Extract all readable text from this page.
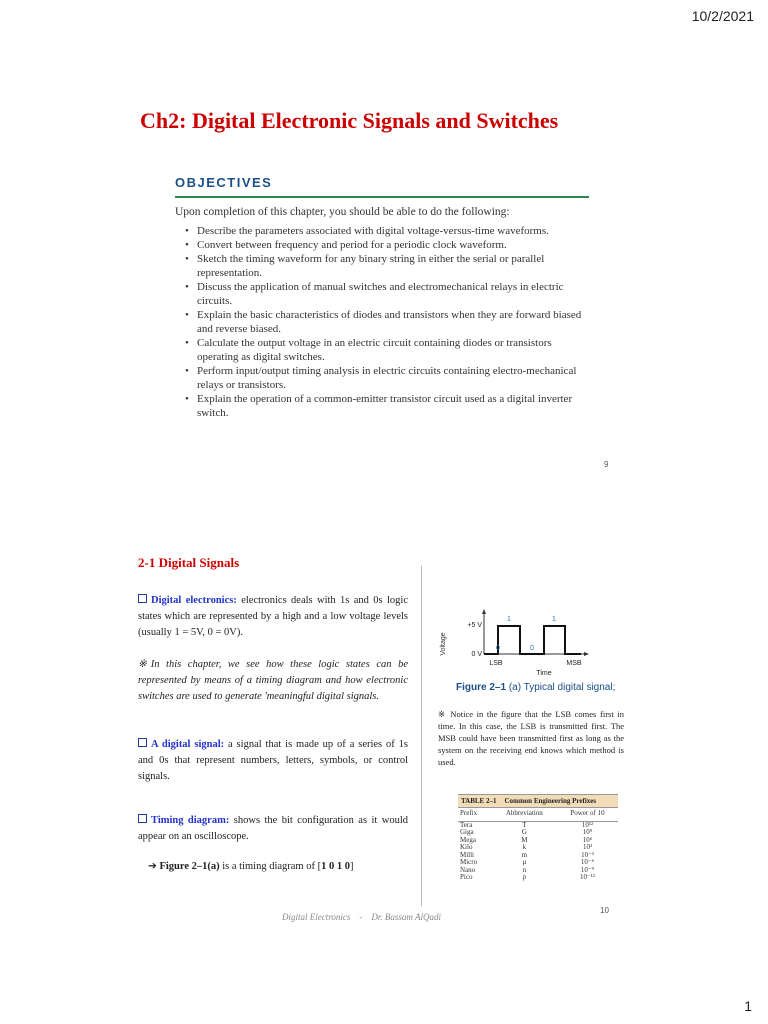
10/2/2021
Ch2: Digital Electronic Signals and Switches
OBJECTIVES
Upon completion of this chapter, you should be able to do the following:
• Describe the parameters associated with digital voltage-versus-time waveforms.
• Convert between frequency and period for a periodic clock waveform.
• Sketch the timing waveform for any binary string in either the serial or parallel representation.
• Discuss the application of manual switches and electromechanical relays in electric circuits.
• Explain the basic characteristics of diodes and transistors when they are forward biased and reverse biased.
• Calculate the output voltage in an electric circuit containing diodes or transistors operating as digital switches.
• Perform input/output timing analysis in electric circuits containing electro-mechanical relays or transistors.
• Explain the operation of a common-emitter transistor circuit used as a digital inverter switch.
9
2-1 Digital Signals
Digital electronics: electronics deals with 1s and 0s logic states which are represented by a high and a low voltage levels (usually 1 = 5V, 0 = 0V).
※In this chapter, we see how these logic states can be represented by means of a timing diagram and how electronic switches are used to generate 'meaningful digital signals.
A digital signal: a signal that is made up of a series of 1s and 0s that represent numbers, letters, symbols, or control signals.
Timing diagram: shows the bit configuration as it would appear on an oscilloscope.
➔ Figure 2–1(a) is a timing diagram of [1 0 1 0]
Voltage
+5 V
0 V
1
0
1
0
LSB	MSB
Time
Figure 2–1 (a) Typical digital signal;
※ Notice in the figure that the LSB comes first in time. In this case, the LSB is transmitted first. The MSB could have been transmitted first as long as the system on the receiving end knows which method is used.
TABLE 2–1 Common Engineering Prefixes
Prefix	Abbreviation	Power of 10
Tera	T	10¹²
Giga	G	10⁹
Mega	M	10⁶
Kilo	k	10³
Milli	m	10⁻³
Micro	μ	10⁻⁶
Nano	n	10⁻⁹
Pico	p	10⁻¹²
Digital Electronics - Dr. Bassam AlQadi
10
1
